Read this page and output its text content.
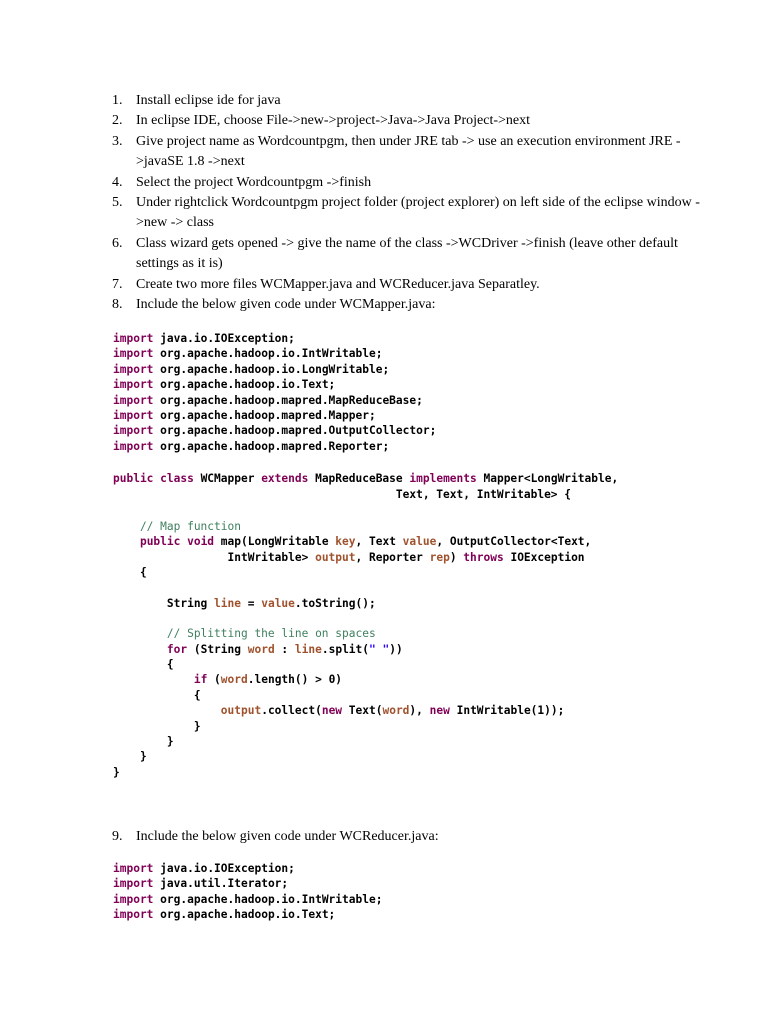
1. Install eclipse ide for java
2. In eclipse IDE, choose File->new->project->Java->Java Project->next
3. Give project name as Wordcountpgm, then under JRE tab -> use an execution environment JRE ->javaSE 1.8 ->next
4. Select the project Wordcountpgm ->finish
5. Under rightclick Wordcountpgm project folder (project explorer) on left side of the eclipse window ->new -> class
6. Class wizard gets opened -> give the name of the class ->WCDriver ->finish (leave other default settings as it is)
7. Create two more files WCMapper.java and WCReducer.java Separatley.
8. Include the below given code under WCMapper.java:
import java.io.IOException;
import org.apache.hadoop.io.IntWritable;
import org.apache.hadoop.io.LongWritable;
import org.apache.hadoop.io.Text;
import org.apache.hadoop.mapred.MapReduceBase;
import org.apache.hadoop.mapred.Mapper;
import org.apache.hadoop.mapred.OutputCollector;
import org.apache.hadoop.mapred.Reporter;
public class WCMapper extends MapReduceBase implements Mapper<LongWritable,
Text, Text, IntWritable> {
// Map function
public void map(LongWritable key, Text value, OutputCollector<Text,
IntWritable> output, Reporter rep) throws IOException
{
String line = value.toString();
// Splitting the line on spaces
for (String word : line.split(" "))
{
if (word.length() > 0)
{
output.collect(new Text(word), new IntWritable(1));
}
}
}
}
9. Include the below given code under WCReducer.java:
import java.io.IOException;
import java.util.Iterator;
import org.apache.hadoop.io.IntWritable;
import org.apache.hadoop.io.Text;
